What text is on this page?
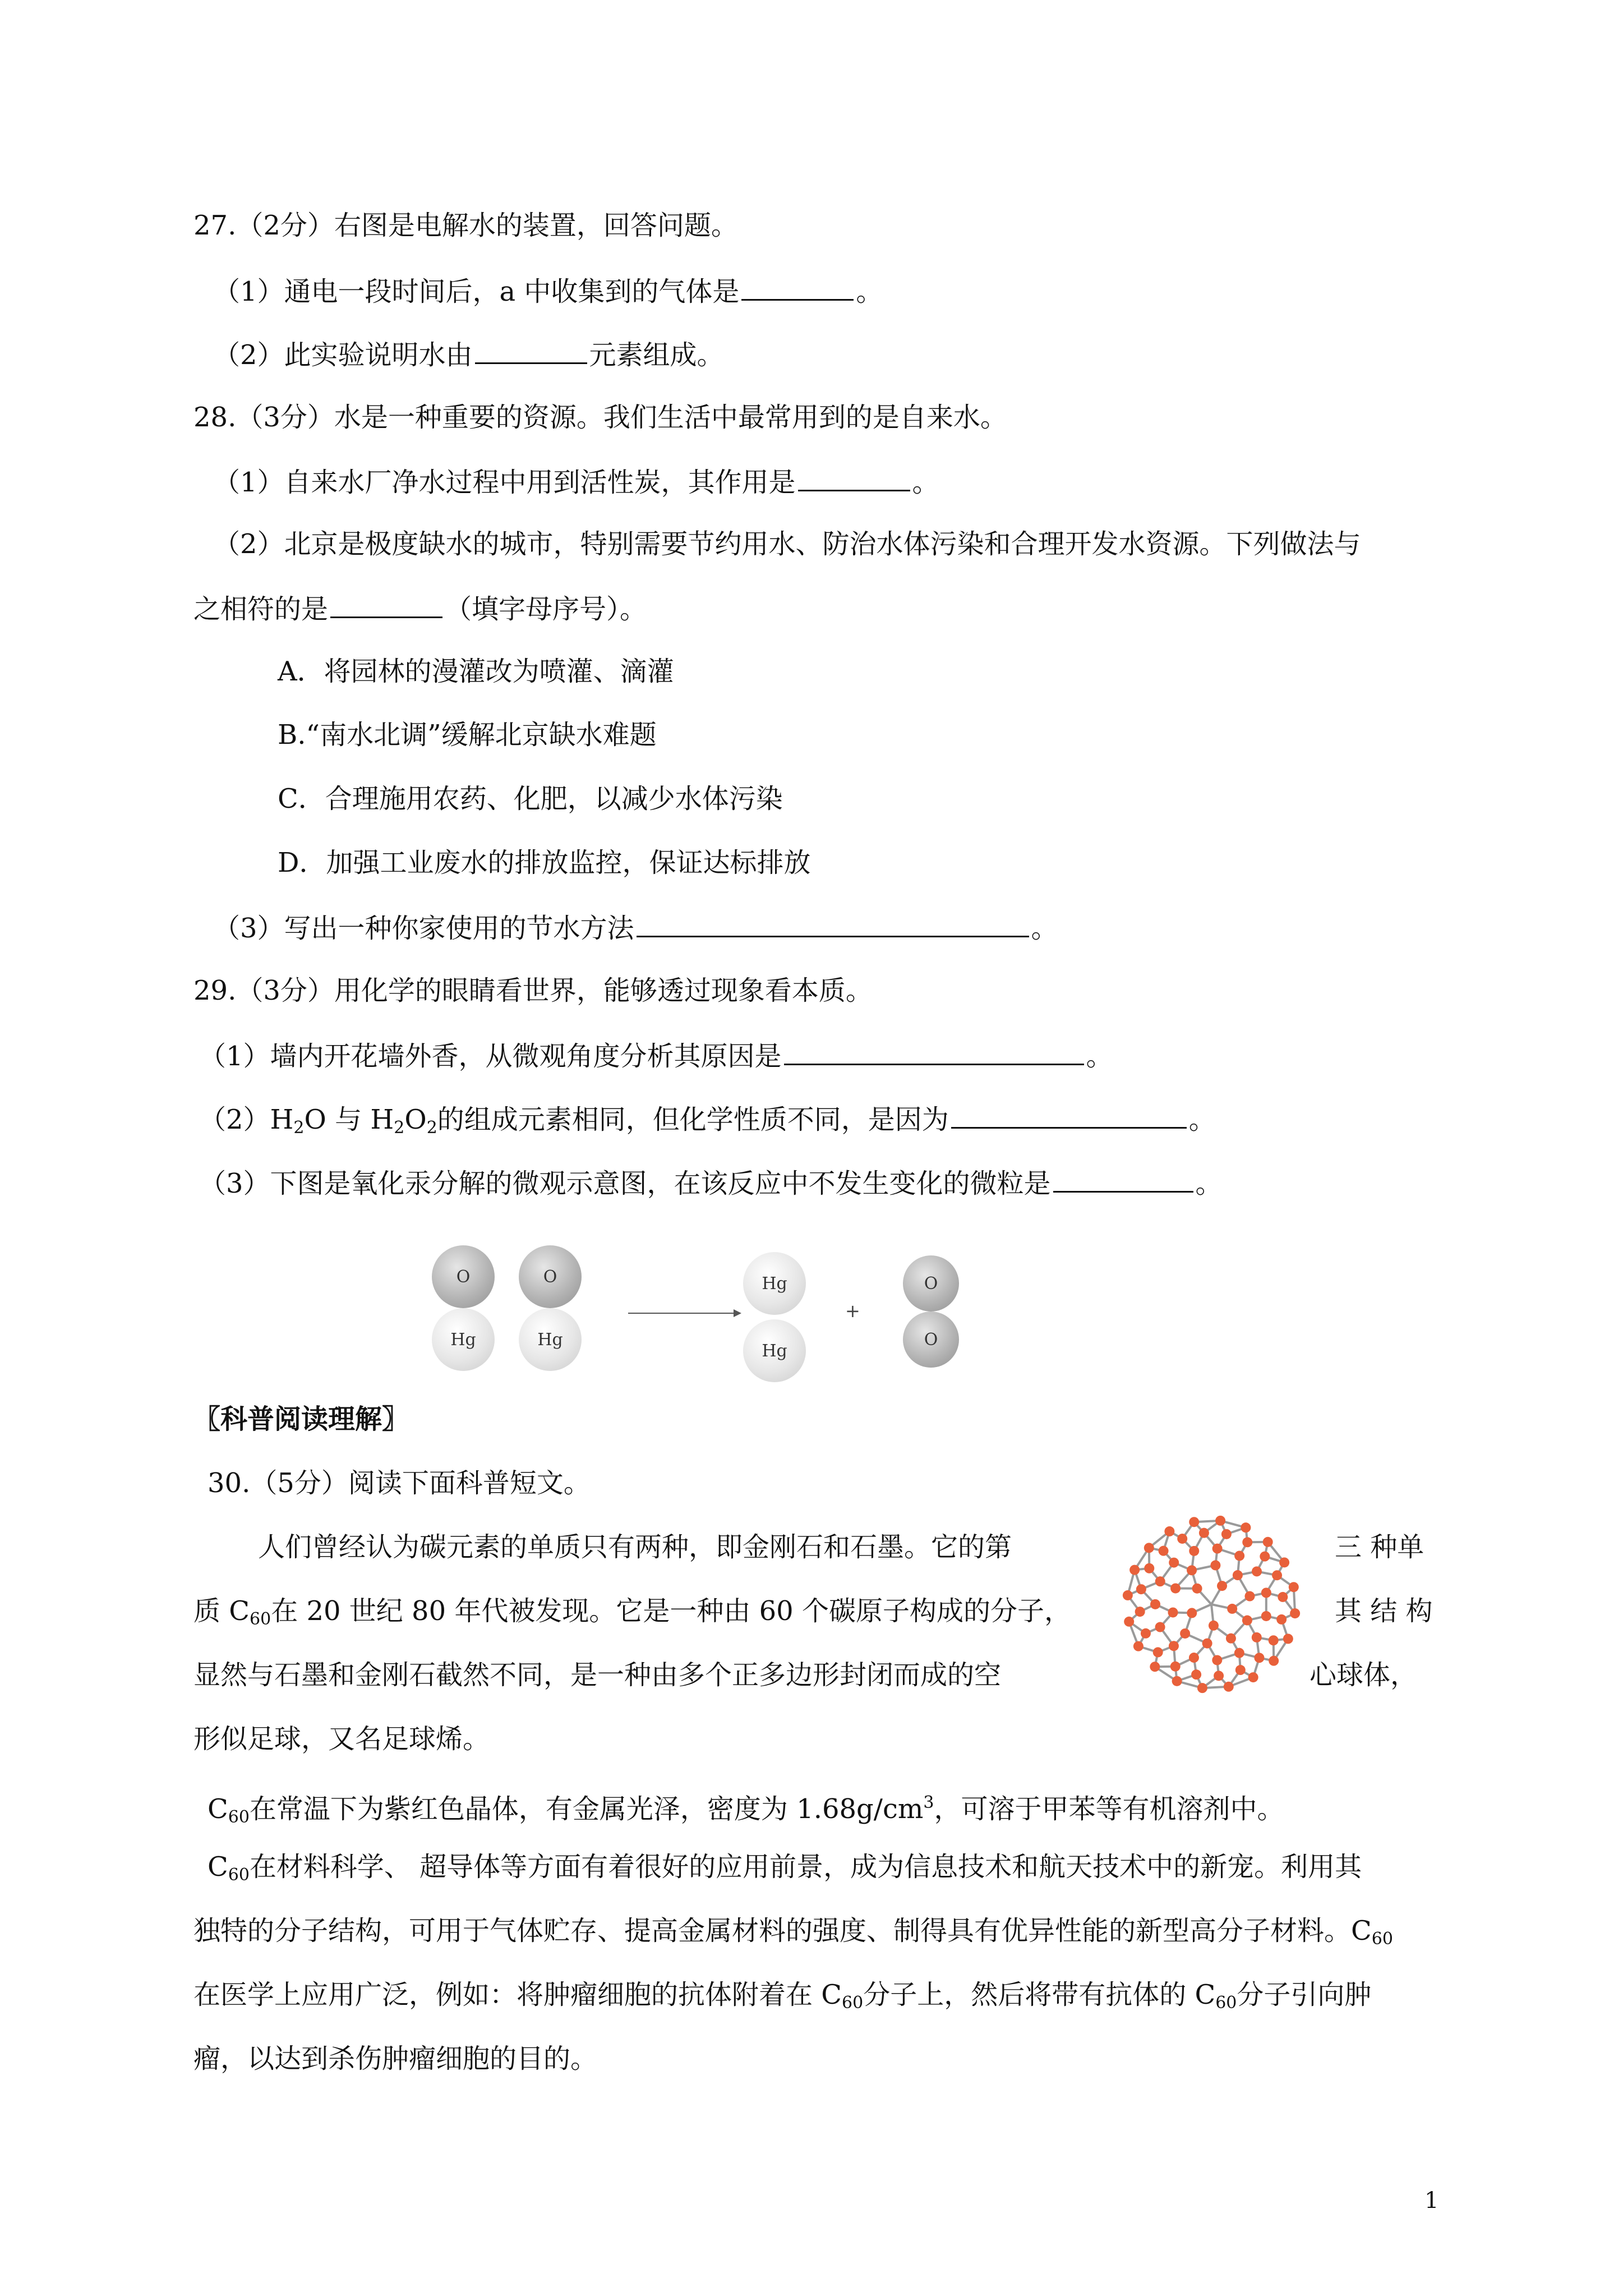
27.（2分）右图是电解水的装置，回答问题。
（1）通电一段时间后，a 中收集到的气体是	。
（2）此实验说明水由	元素组成。
28.（3分）水是一种重要的资源。我们生活中最常用到的是自来水。
（1）自来水厂净水过程中用到活性炭，其作用是	。
（2）北京是极度缺水的城市，特别需要节约用水、防治水体污染和合理开发水资源。下列做法与
之相符的是	（填字母序号）。
A．将园林的漫灌改为喷灌、滴灌
B.“南水北调”缓解北京缺水难题
C．合理施用农药、化肥，以减少水体污染
D．加强工业废水的排放监控，保证达标排放
（3）写出一种你家使用的节水方法	。
29.（3分）用化学的眼睛看世界，能够透过现象看本质。
（1）墙内开花墙外香，从微观角度分析其原因是	。
$(2)H_2O$ 与 $H_2O_2$的组成元素相同，但化学性质不同，是因为	。
（3）下图是氧化汞分解的微观示意图，在该反应中不发生变化的微粒是	。
O
Hg
O
Hg
Hg
Hg
+
O
O
〖科普阅读理解〗
30.（5分）阅读下面科普短文。
人们曾经认为碳元素的单质只有两种，即金刚石和石墨。它的第	三 种单
质 $C_{60}$在 20 世纪 80 年代被发现。它是一种由 60 个碳原子构成的分子，	其 结 构
显然与石墨和金刚石截然不同，是一种由多个正多边形封闭而成的空	心球体，
形似足球，又名足球烯。
$C_{60}$在常温下为紫红色晶体，有金属光泽，密度为 $1.68g/cm^3$，可溶于甲苯等有机溶剂中。
$C_{60}$在材料科学、 超导体等方面有着很好的应用前景，成为信息技术和航天技术中的新宠。利用其
独特的分子结构，可用于气体贮存、提高金属材料的强度、制得具有优异性能的新型高分子材料。$C_{60}$
在医学上应用广泛，例如：将肿瘤细胞的抗体附着在 $C_{60}$分子上，然后将带有抗体的 $C_{60}$分子引向肿
瘤，以达到杀伤肿瘤细胞的目的。
1
